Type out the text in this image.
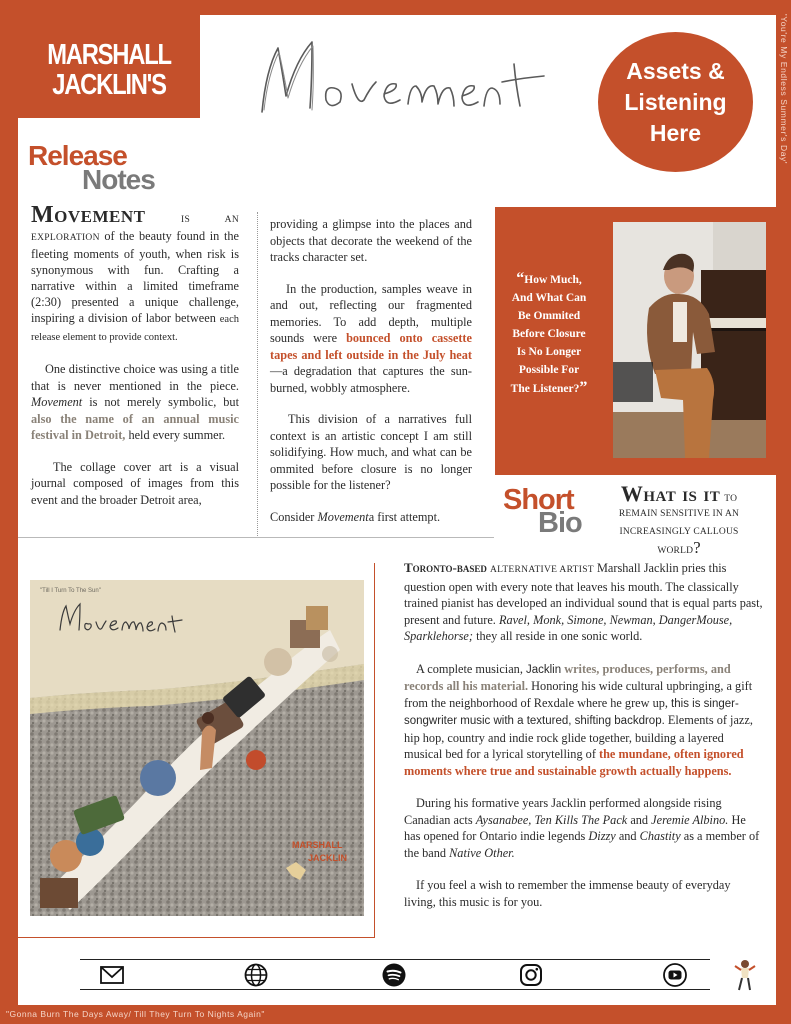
MARSHALL
JACKLIN'S	Assets &
Listening
Here	'You're My Endless Summer's Day'
Release
Notes

Movement	IS AN EXPLORATION of the beauty found in the fleeting moments of youth, when risk is synonymous with fun. Crafting a narrative within a limited timeframe (2:30) presented a unique challenge, inspiring a division of labor between each release element to provide context.

One distinctive choice was using a title that is never mentioned in the piece. Movement is not merely symbolic, but also the name of an annual music festival in Detroit, held every summer.

The collage cover art is a visual journal composed of images from this event and the broader Detroit area,

providing a glimpse into the places and objects that decorate the weekend of the tracks character set.

In the production, samples weave in and out, reflecting our fragmented memories. To add depth, multiple sounds were bounced onto cassette tapes and left outside in the July heat—a degradation that captures the sun-burned, wobbly atmosphere.

This division of a narratives full context is an artistic concept I am still solidifying. How much, and what can be ommited before closure is no longer possible for the listener?

Consider Movementa first attempt.

“How Much,
And What Can
Be Ommited
Before Closure
Is No Longer
Possible For
The Listener?”
Short
Bio
What is it TO
REMAIN SENSITIVE IN AN
INCREASINGLY CALLOUS WORLD?
"Till I Turn To The Sun"
MARSHALL
JACKLIN

Toronto-based ALTERNATIVE ARTIST Marshall Jacklin pries this question open with every note that leaves his mouth. The classically trained pianist has developed an individual sound that is equal parts past, present and future. Ravel, Monk, Simone, Newman, DangerMouse, Sparklehorse; they all reside in one sonic world.

A complete musician, Jacklin writes, produces, performs, and records all his material. Honoring his wide cultural upbringing, a gift from the neighborhood of Rexdale where he grew up, this is singer-songwriter music with a textured, shifting backdrop. Elements of jazz, hip hop, country and indie rock glide together, building a layered musical bed for a lyrical storytelling of the mundane, often ignored moments where true and sustainable growth actually happens.

During his formative years Jacklin performed alongside rising Canadian acts Aysanabee, Ten Kills The Pack and Jeremie Albino. He has opened for Ontario indie legends Dizzy and Chastity as a member of the band Native Other.

If you feel a wish to remember the immense beauty of everyday living, this music is for you.

"Gonna Burn The Days Away/ Till They Turn To Nights Again"
